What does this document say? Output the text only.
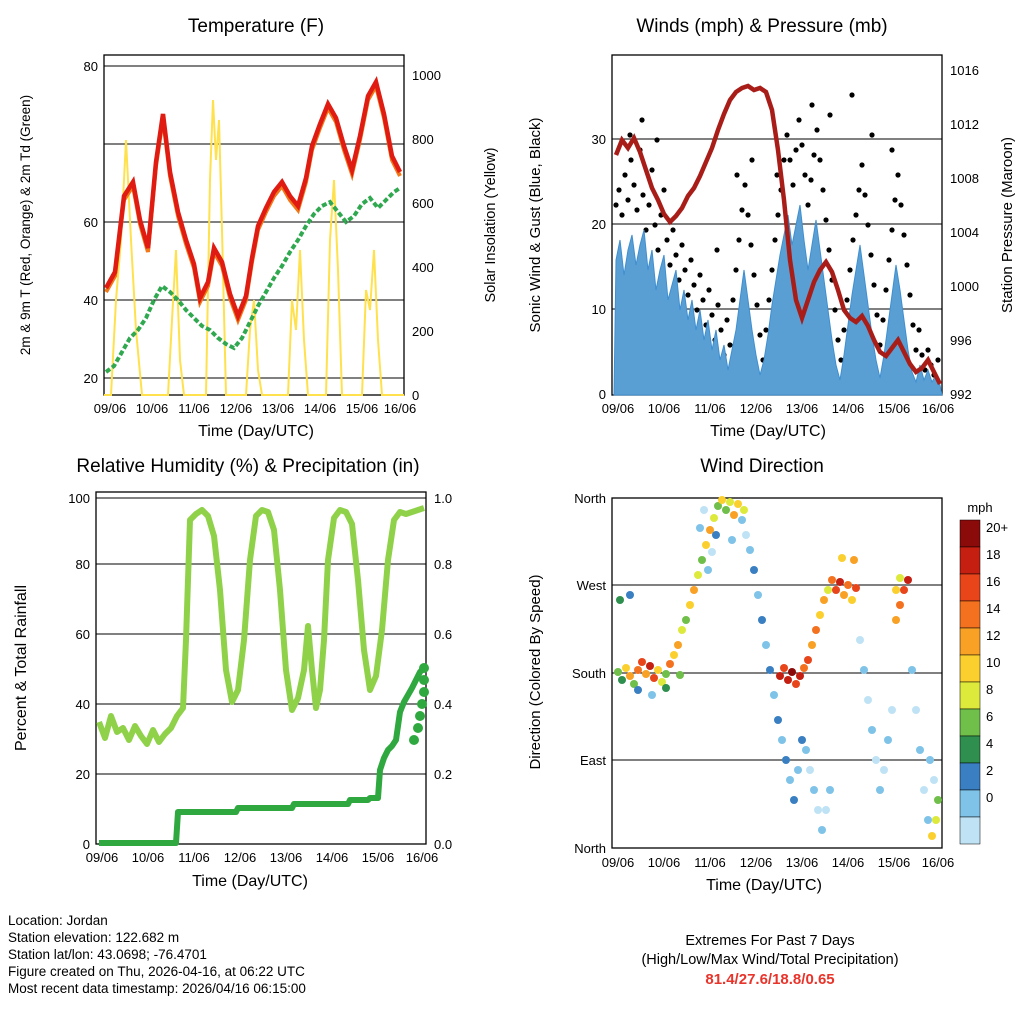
Temperature (F)
20
40
60
80
0
200
400
600
800
1000
09/06 10/06 11/06 12/06 13/06 14/06 15/06 16/06
Time (Day/UTC)
2m & 9m T (Red, Orange) & 2m Td (Green)	Solar Insolation (Yellow)
Winds (mph) & Pressure (mb)
0
10
20
30
992
996
1000
1004
1008
1012
1016
09/06 10/06 11/06 12/06 13/06 14/06 15/06 16/06
Time (Day/UTC)
Sonic Wind & Gust (Blue, Black)	Station Pressure (Maroon)
Relative Humidity (%) & Precipitation (in)
0
20
40
60
80
100
0.0
0.2
0.4
0.6
0.8
1.0
09/06 10/06 11/06 12/06 13/06 14/06 15/06 16/06
Time (Day/UTC)
Percent & Total Rainfall
Wind Direction
North
West
South
East
North
09/06 10/06 11/06 12/06 13/06 14/06 15/06 16/06
Time (Day/UTC)
Direction (Colored By Speed)
mph
20+
18
16
14
12
10
8
6
4
2
0
Location: Jordan
Station elevation: 122.682 m
Station lat/lon: 43.0698; -76.4701
Figure created on Thu, 2026-04-16, at 06:22 UTC
Most recent data timestamp: 2026/04/16 06:15:00
Extremes For Past 7 Days
(High/Low/Max Wind/Total Precipitation)
81.4/27.6/18.8/0.65
